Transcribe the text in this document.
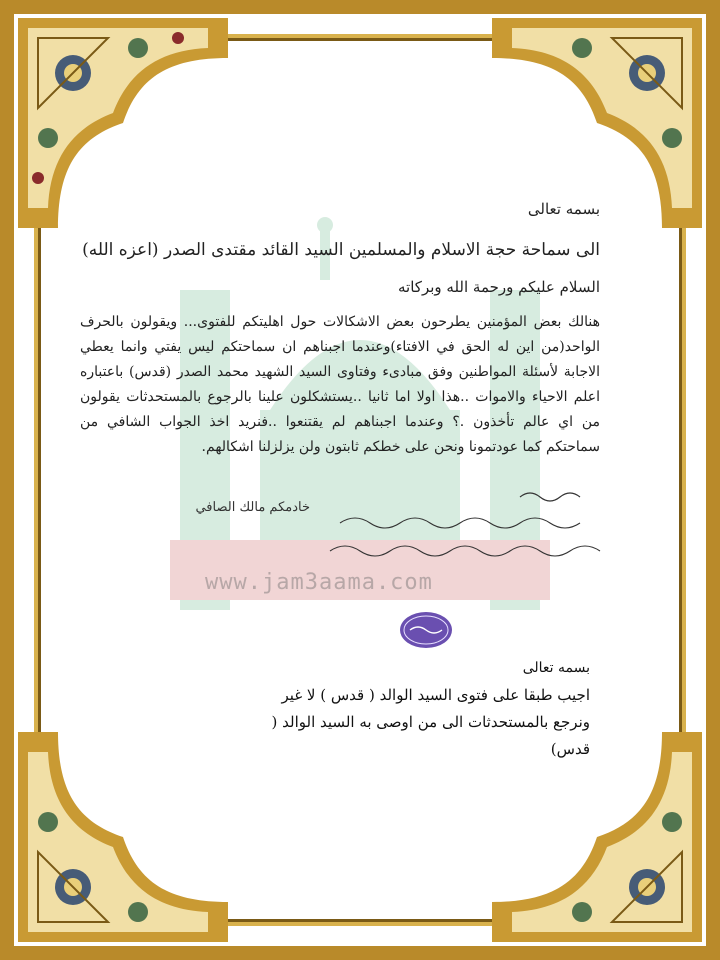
www.jam3aama.com
بسمه تعالى
الى سماحة حجة الاسلام والمسلمين السيد القائد مقتدى الصدر (اعزه الله)
السلام عليكم ورحمة الله وبركاته
هنالك بعض المؤمنين يطرحون بعض الاشكالات حول اهليتكم للفتوى... ويقولون بالحرف الواحد(من اين له الحق في الافتاء)وعندما اجبناهم ان سماحتكم ليس يفتي وانما يعطي الاجابة لأسئلة المواطنين وفق مبادىء وفتاوى السيد الشهيد محمد الصدر (قدس) باعتباره اعلم الاحياء والاموات ..هذا اولا اما ثانيا ..يستشكلون علينا بالرجوع بالمستحدثات يقولون من اي عالم تأخذون .؟ وعندما اجبناهم لم يقتنعوا ..فنريد اخذ الجواب الشافي من سماحتكم كما عودتمونا ونحن على خطكم ثابتون ولن يزلزلنا اشكالهم.
خادمكم مالك الصافي
بسمه تعالى
اجيب طبقا على فتوى السيد الوالد ( قدس ) لا غير
ونرجع بالمستحدثات الى من اوصى به السيد الوالد ( قدس)
